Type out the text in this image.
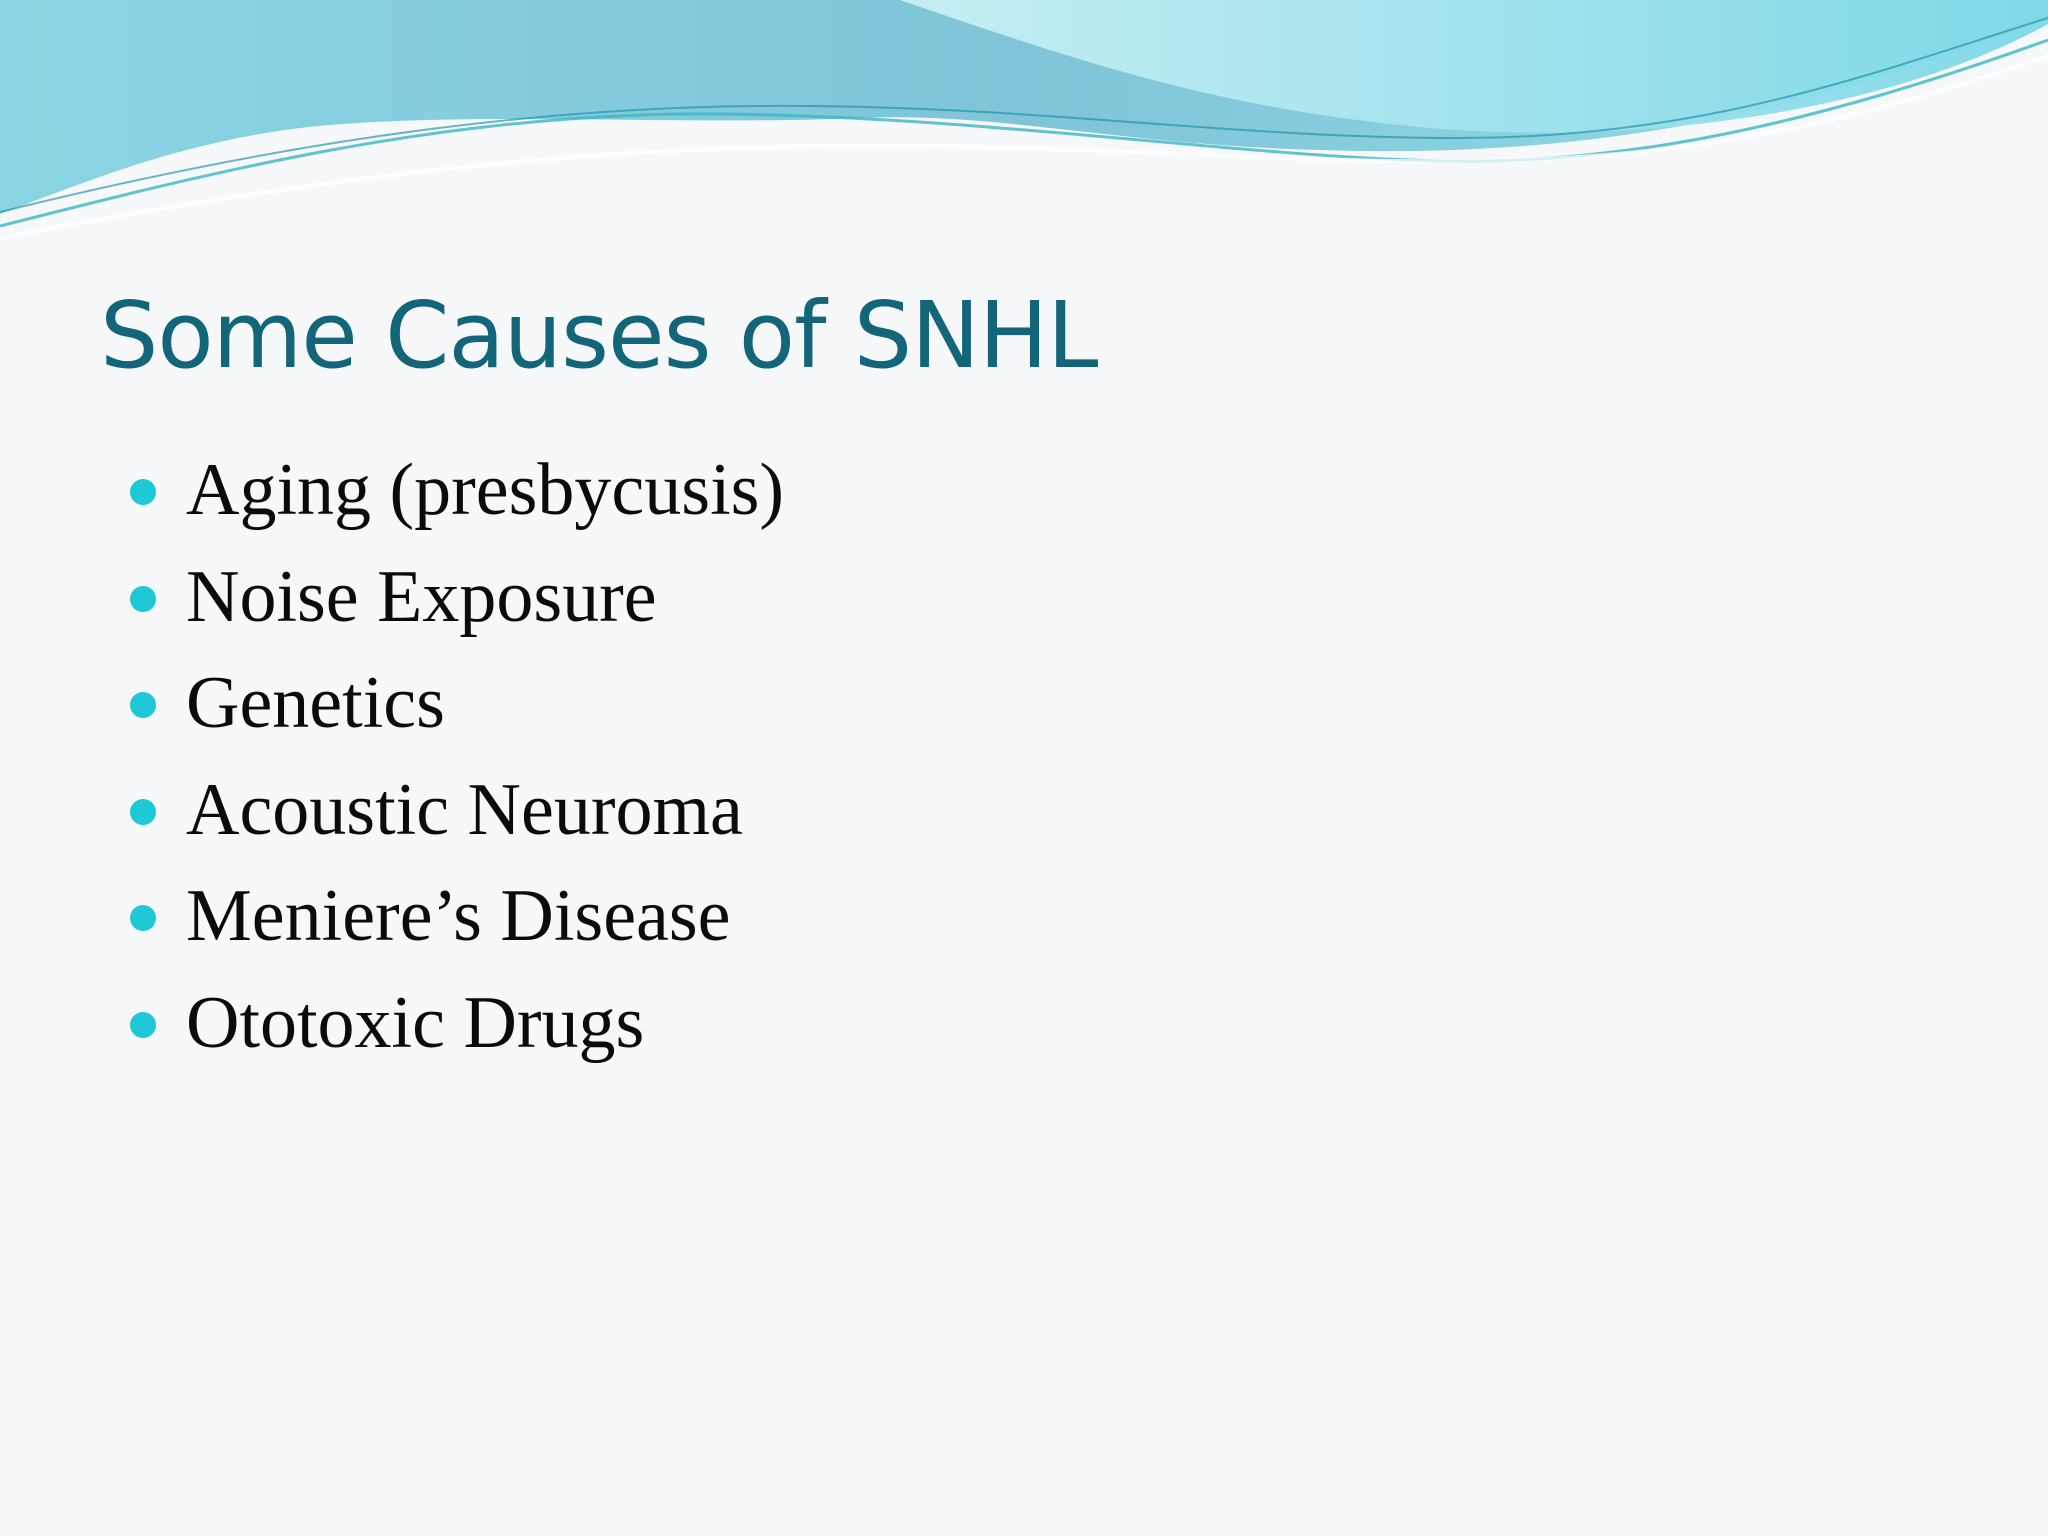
Some Causes of SNHL
Aging (presbycusis)
Noise Exposure
Genetics
Acoustic Neuroma
Meniere’s Disease
Ototoxic Drugs
